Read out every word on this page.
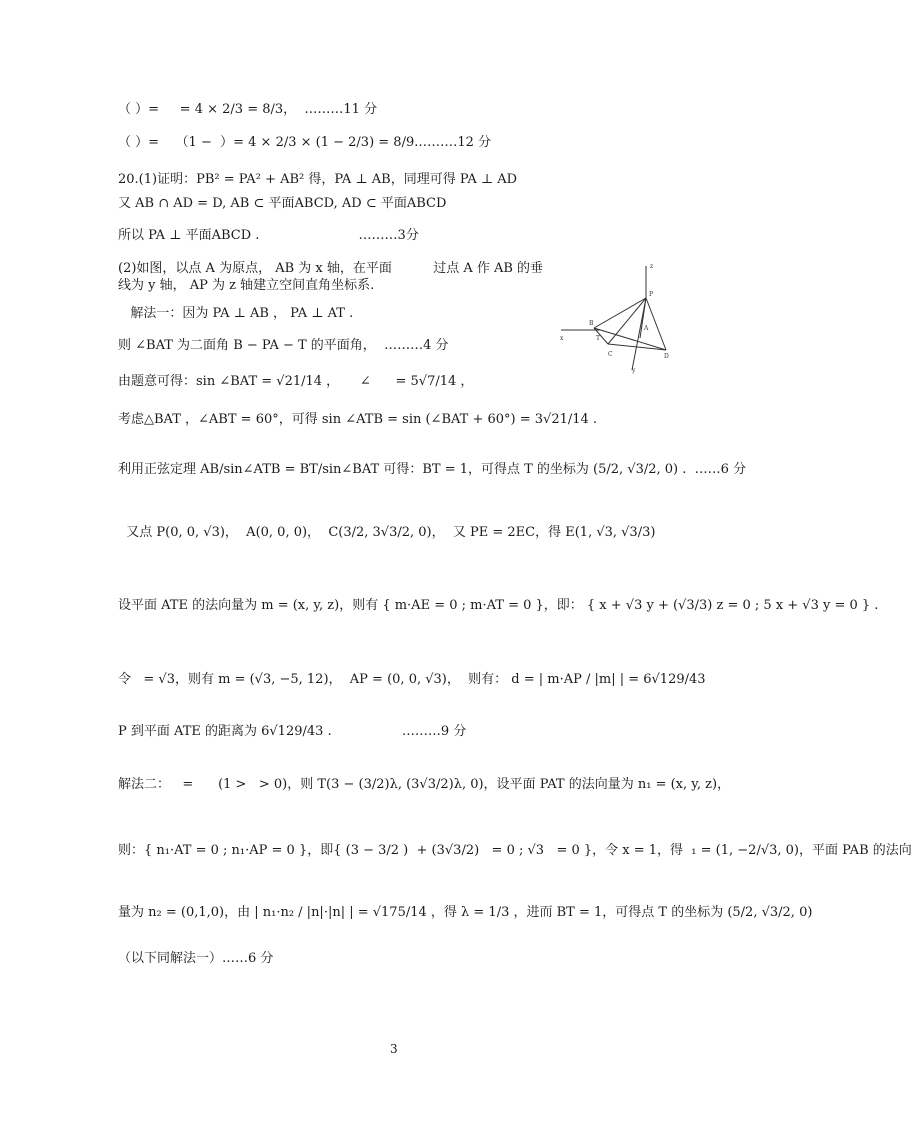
（ ）=     = 4 × 2/3 = 8/3，  ………11 分
（ ）=    （1 −  ）= 4 × 2/3 × (1 − 2/3) = 8/9.………12 分
20.(1)证明：PB² = PA² + AB² 得，PA ⊥ AB，同理可得 PA ⊥ AD
又 AB ∩ AD = D, AB ⊂ 平面ABCD, AD ⊂ 平面ABCD
所以 PA ⊥ 平面ABCD .                        ………3分
(2)如图，以点 A 为原点， AB 为 x 轴，在平面          过点 A 作 AB 的垂
线为 y 轴， AP 为 z 轴建立空间直角坐标系.
解法一：因为 PA ⊥ AB ， PA ⊥ AT .
则 ∠BAT 为二面角 B − PA − T 的平面角，  ………4 分
由题意可得：sin ∠BAT = √21/14 ，     ∠      = 5√7/14 ，
考虑△BAT ，∠ABT = 60°，可得 sin ∠ATB = sin (∠BAT + 60°) = 3√21/14 .
利用正弦定理 AB/sin∠ATB = BT/sin∠BAT 可得：BT = 1，可得点 T 的坐标为 (5/2, √3/2, 0) .  ……6 分
又点 P(0, 0, √3)，  A(0, 0, 0)，  C(3/2, 3√3/2, 0)，  又 PE = 2EC，得 E(1, √3, √3/3)
设平面 ATE 的法向量为 m = (x, y, z)，则有 { m·AE = 0 ; m·AT = 0 }，即： { x + √3 y + (√3/3) z = 0 ; 5 x + √3 y = 0 } .
令   = √3，则有 m = (√3, −5, 12)，  AP = (0, 0, √3)，  则有： d = | m·AP / |m| | = 6√129/43
P 到平面 ATE 的距离为 6√129/43 .                 ………9 分
解法二：   =      (1 >   > 0)，则 T(3 − (3/2)λ, (3√3/2)λ, 0)，设平面 PAT 的法向量为 n₁ = (x, y, z)，
则：{ n₁·AT = 0 ; n₁·AP = 0 }，即{ (3 − 3/2 )  + (3√3/2)   = 0 ; √3   = 0 }，令 x = 1，得  ₁ = (1, −2/√3, 0)，平面 PAB 的法向
量为 n₂ = (0,1,0)，由 | n₁·n₂ / |n|·|n| | = √175/14 ，得 λ = 1/3 ，进而 BT = 1，可得点 T 的坐标为 (5/2, √3/2, 0)
（以下同解法一）……6 分
z
P
B
T
A
C	D
x
y
3
